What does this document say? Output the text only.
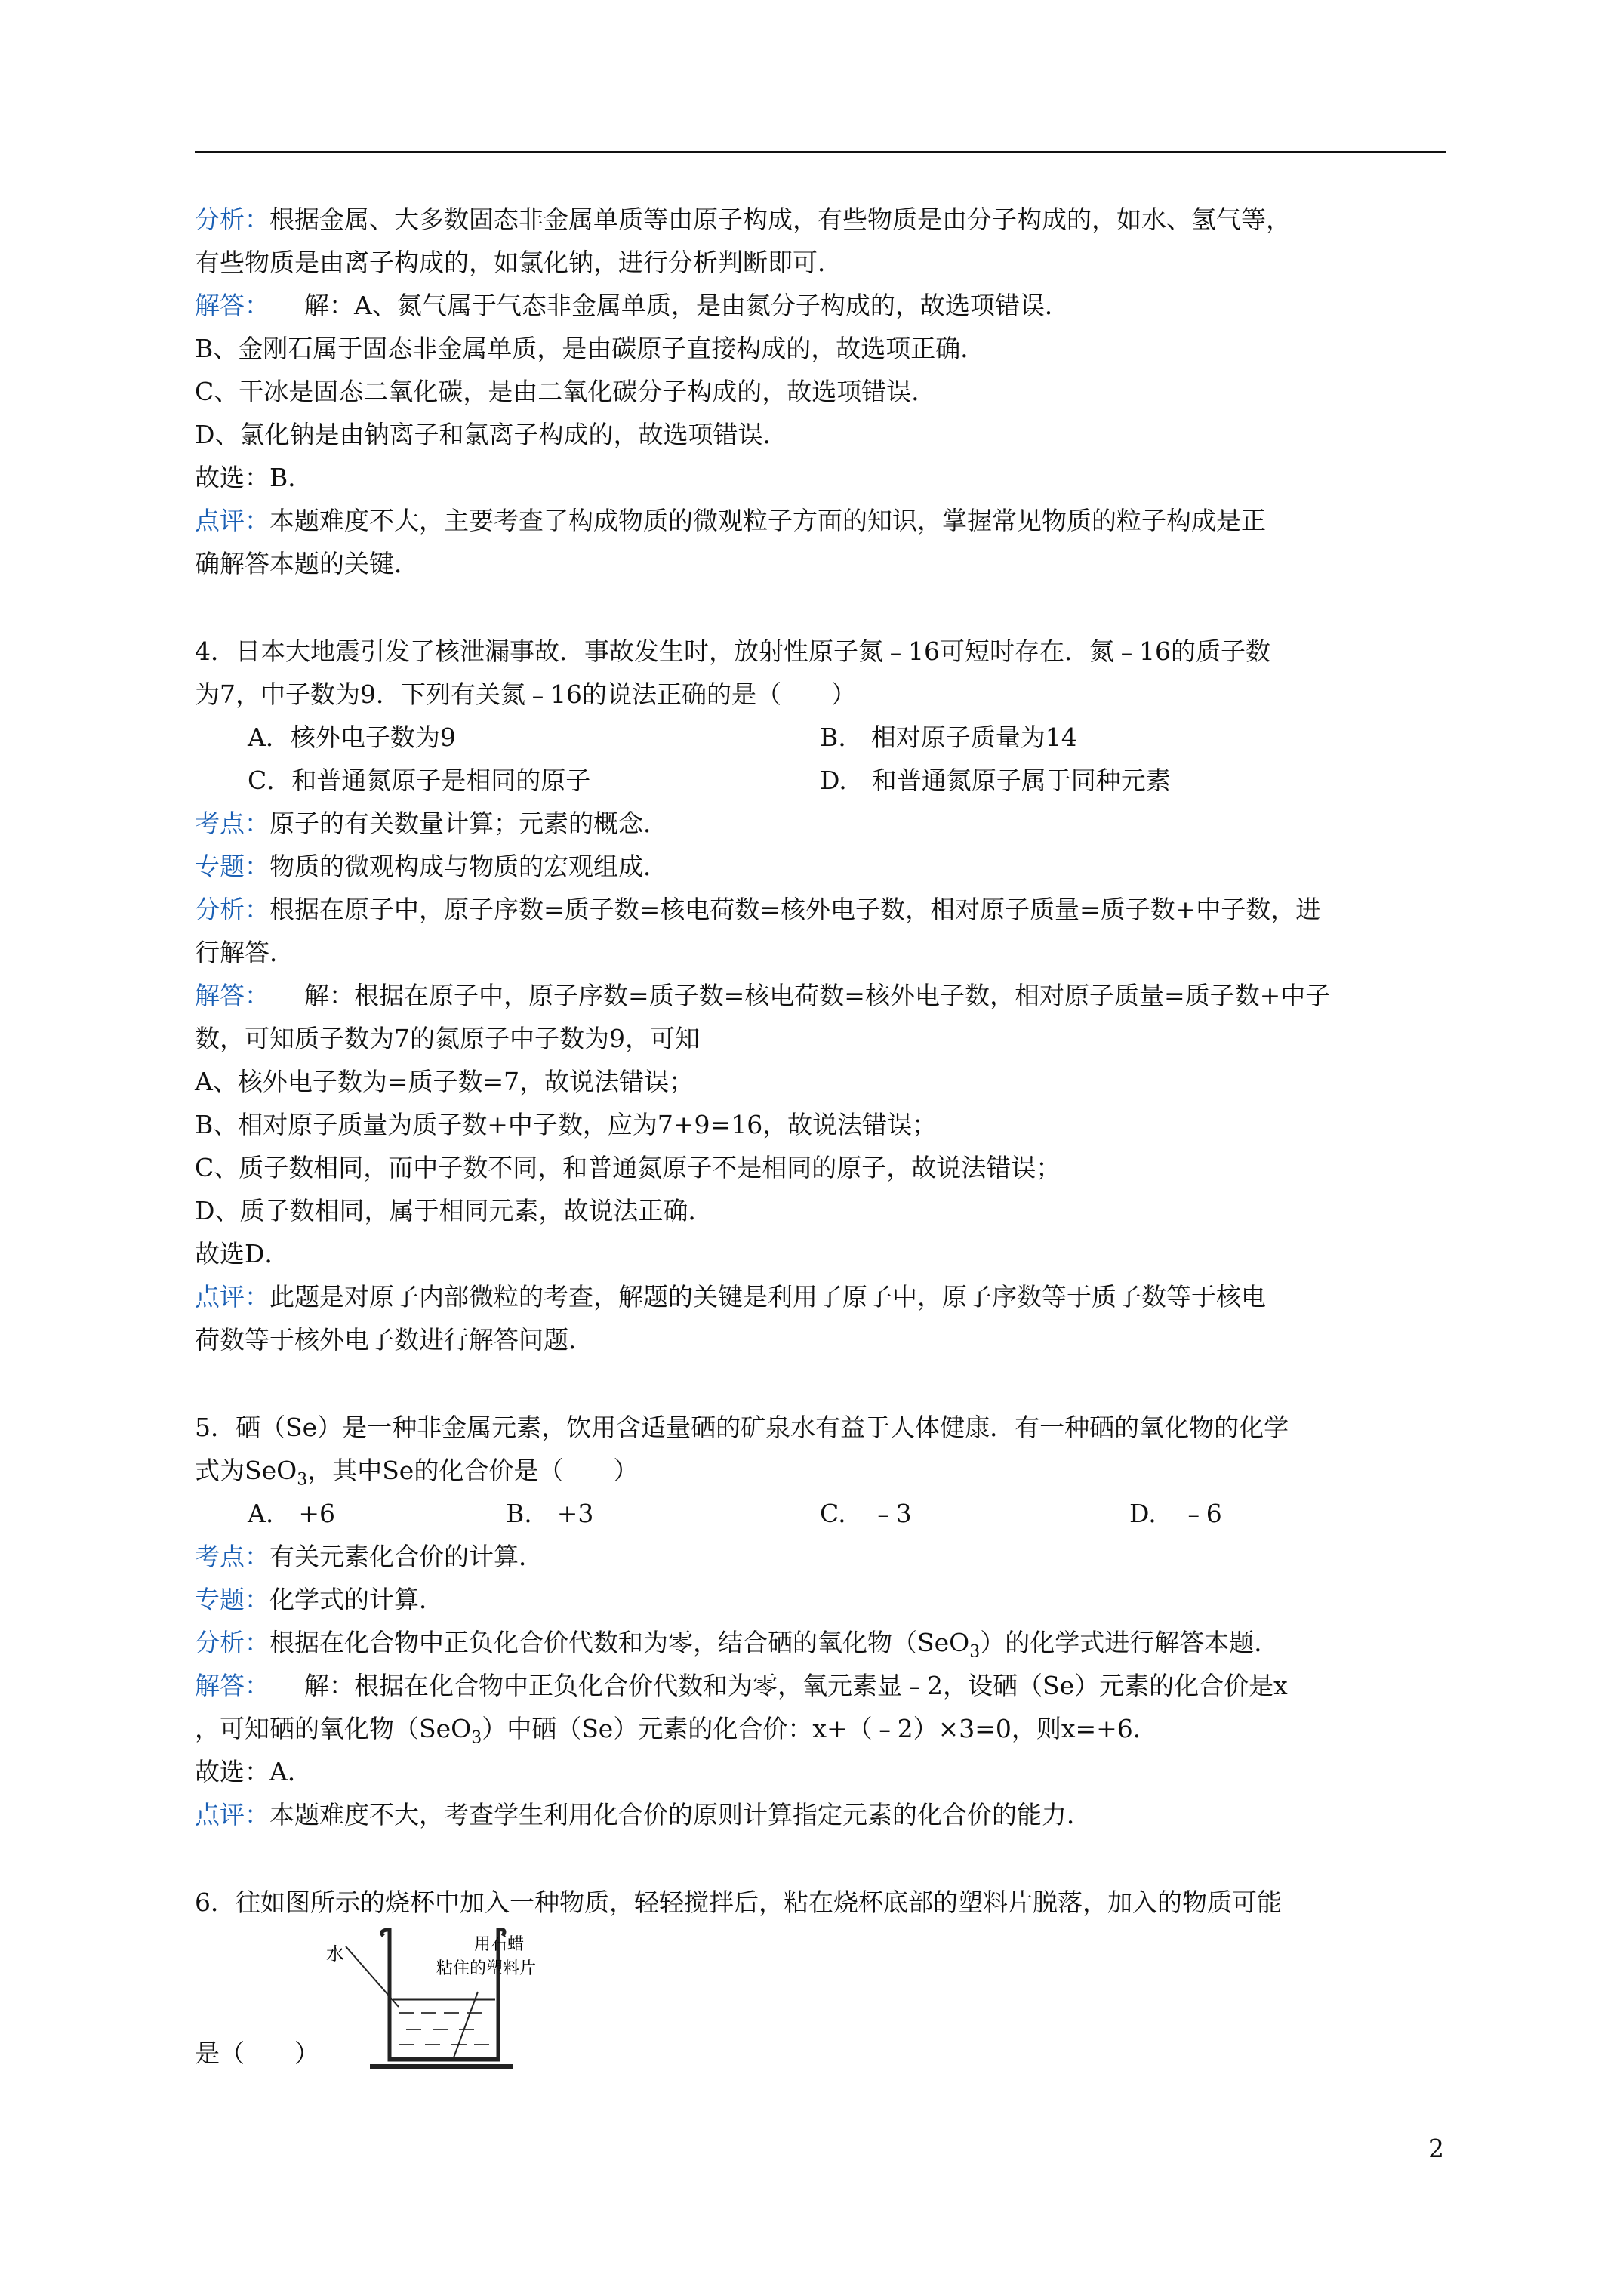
分析：根据金属、大多数固态非金属单质等由原子构成，有些物质是由分子构成的，如水、氢气等，
有些物质是由离子构成的，如氯化钠，进行分析判断即可．
解答： 解：A、氮气属于气态非金属单质，是由氮分子构成的，故选项错误．
B、金刚石属于固态非金属单质，是由碳原子直接构成的，故选项正确．
C、干冰是固态二氧化碳，是由二氧化碳分子构成的，故选项错误．
D、氯化钠是由钠离子和氯离子构成的，故选项错误．
故选：B．
点评：本题难度不大，主要考查了构成物质的微观粒子方面的知识，掌握常见物质的粒子构成是正
确解答本题的关键．
4．日本大地震引发了核泄漏事故．事故发生时，放射性原子氮﹣16可短时存在．氮﹣16的质子数
为7，中子数为9．下列有关氮﹣16的说法正确的是（　　）
A．核外电子数为9	B.　相对原子质量为14
C．和普通氮原子是相同的原子	D.　和普通氮原子属于同种元素
考点：原子的有关数量计算；元素的概念．
专题：物质的微观构成与物质的宏观组成．
分析：根据在原子中，原子序数=质子数=核电荷数=核外电子数，相对原子质量=质子数+中子数，进
行解答．
解答： 解：根据在原子中，原子序数=质子数=核电荷数=核外电子数，相对原子质量=质子数+中子
数，可知质子数为7的氮原子中子数为9，可知
A、核外电子数为=质子数=7，故说法错误；
B、相对原子质量为质子数+中子数，应为7+9=16，故说法错误；
C、质子数相同，而中子数不同，和普通氮原子不是相同的原子，故说法错误；
D、质子数相同，属于相同元素，故说法正确．
故选D．
点评：此题是对原子内部微粒的考查，解题的关键是利用了原子中，原子序数等于质子数等于核电
荷数等于核外电子数进行解答问题．
5．硒（Se）是一种非金属元素，饮用含适量硒的矿泉水有益于人体健康．有一种硒的氧化物的化学
式为SeO$_3$，其中Se的化合价是（　　）
A.　+6	B.　+3	C.　﹣3	D.　﹣6
考点：有关元素化合价的计算．
专题：化学式的计算．
分析：根据在化合物中正负化合价代数和为零，结合硒的氧化物（SeO$_3$）的化学式进行解答本题．
解答： 解：根据在化合物中正负化合价代数和为零，氧元素显﹣2，设硒（Se）元素的化合价是x
，可知硒的氧化物（SeO$_3$）中硒（Se）元素的化合价：x+（﹣2）×3=0，则x=+6．
故选：A．
点评：本题难度不大，考查学生利用化合价的原则计算指定元素的化合价的能力．
6．往如图所示的烧杯中加入一种物质，轻轻搅拌后，粘在烧杯底部的塑料片脱落，加入的物质可能
是（　　）
水	用石蜡
粘住的塑料片
2
